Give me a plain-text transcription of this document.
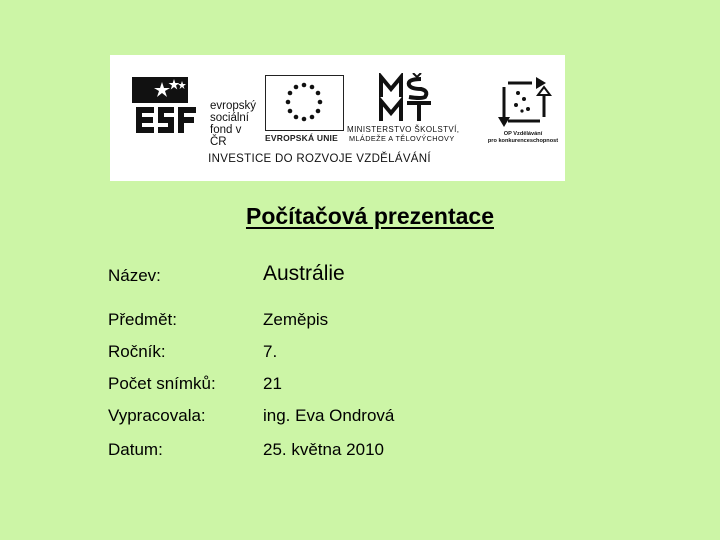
evropský
sociální
fond v ČR	EVROPSKÁ UNIE
MINISTERSTVO ŠKOLSTVÍ,
MLÁDEŽE A TĚLOVÝCHOVY	OP Vzdělávání
pro konkurenceschopnost
INVESTICE DO ROZVOJE VZDĚLÁVÁNÍ
Počítačová prezentace
Název:	Austrálie
Předmět:	Zeměpis
Ročník:	7.
Počet snímků:	21
Vypracovala:	ing. Eva Ondrová
Datum:	25. května 2010
